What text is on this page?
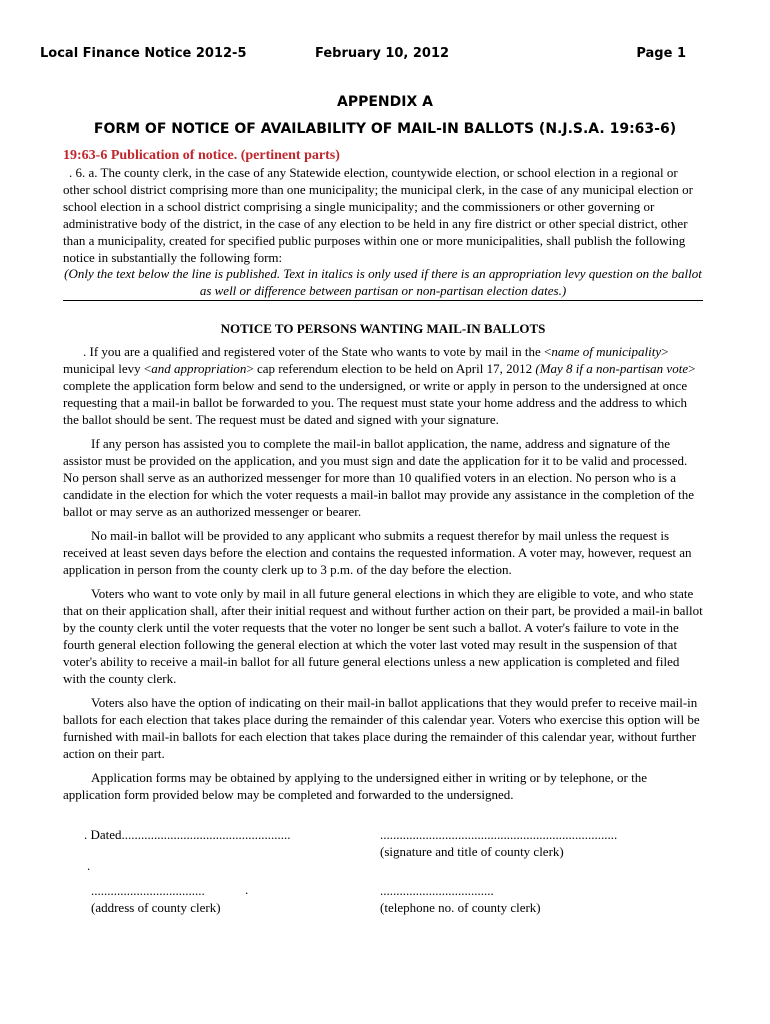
Local Finance Notice 2012-5	February 10, 2012	Page 1
APPENDIX A
FORM OF NOTICE OF AVAILABILITY OF MAIL-IN BALLOTS (N.J.S.A. 19:63-6)
19:63-6 Publication of notice. (pertinent parts)
. 6. a. The county clerk, in the case of any Statewide election, countywide election, or school election in a regional or other school district comprising more than one municipality; the municipal clerk, in the case of any municipal election or school election in a school district comprising a single municipality; and the commissioners or other governing or administrative body of the district, in the case of any election to be held in any fire district or other special district, other than a municipality, created for specified public purposes within one or more municipalities, shall publish the following notice in substantially the following form:
(Only the text below the line is published. Text in italics is only used if there is an appropriation levy question on the ballot as well or difference between partisan or non-partisan election dates.)
NOTICE TO PERSONS WANTING MAIL-IN BALLOTS

. If you are a qualified and registered voter of the State who wants to vote by mail in the <name of municipality> municipal levy <and appropriation> cap referendum election to be held on April 17, 2012 (May 8 if a non-partisan vote> complete the application form below and send to the undersigned, or write or apply in person to the undersigned at once requesting that a mail-in ballot be forwarded to you. The request must state your home address and the address to which the ballot should be sent. The request must be dated and signed with your signature.

If any person has assisted you to complete the mail-in ballot application, the name, address and signature of the assistor must be provided on the application, and you must sign and date the application for it to be valid and processed. No person shall serve as an authorized messenger for more than 10 qualified voters in an election. No person who is a candidate in the election for which the voter requests a mail-in ballot may provide any assistance in the completion of the ballot or may serve as an authorized messenger or bearer.

No mail-in ballot will be provided to any applicant who submits a request therefor by mail unless the request is received at least seven days before the election and contains the requested information. A voter may, however, request an application in person from the county clerk up to 3 p.m. of the day before the election.

Voters who want to vote only by mail in all future general elections in which they are eligible to vote, and who state that on their application shall, after their initial request and without further action on their part, be provided a mail-in ballot by the county clerk until the voter requests that the voter no longer be sent such a ballot. A voter's failure to vote in the fourth general election following the general election at which the voter last voted may result in the suspension of that voter's ability to receive a mail-in ballot for all future general elections unless a new application is completed and filed with the county clerk.

Voters also have the option of indicating on their mail-in ballot applications that they would prefer to receive mail-in ballots for each election that takes place during the remainder of this calendar year. Voters who exercise this option will be furnished with mail-in ballots for each election that takes place during the remainder of this calendar year, without further action on their part.

Application forms may be obtained by applying to the undersigned either in writing or by telephone, or the application form provided below may be completed and forwarded to the undersigned.

. Dated....................................................	.........................................................................
(signature and title of county clerk)
.
...................................	.
(address of county clerk)
...................................
(telephone no. of county clerk)
